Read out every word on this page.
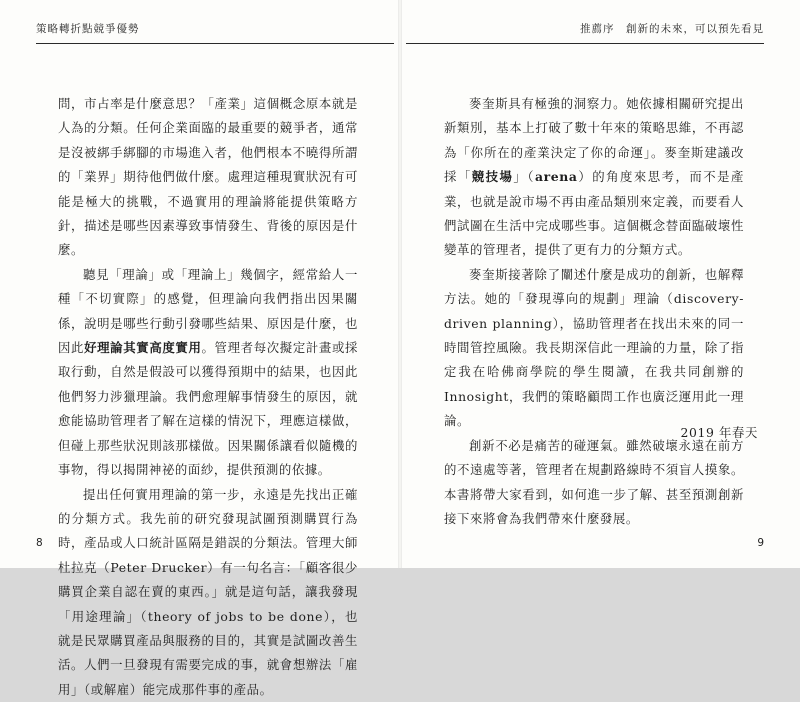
策略轉折點競爭優勢

問，市占率是什麼意思？「產業」這個概念原本就是人為的分類。任何企業面臨的最重要的競爭者，通常是沒被綁手綁腳的市場進入者，他們根本不曉得所謂的「業界」期待他們做什麼。處理這種現實狀況有可能是極大的挑戰，不過實用的理論將能提供策略方針，描述是哪些因素導致事情發生、背後的原因是什麼。

聽見「理論」或「理論上」幾個字，經常給人一種「不切實際」的感覺，但理論向我們指出因果關係，說明是哪些行動引發哪些結果、原因是什麼，也因此好理論其實高度實用。管理者每次擬定計畫或採取行動，自然是假設可以獲得預期中的結果，也因此他們努力涉獵理論。我們愈理解事情發生的原因，就愈能協助管理者了解在這樣的情況下，理應這樣做，但碰上那些狀況則該那樣做。因果關係讓看似隨機的事物，得以揭開神祕的面紗，提供預測的依據。

提出任何實用理論的第一步，永遠是先找出正確的分類方式。我先前的研究發現試圖預測購買行為時，產品或人口統計區隔是錯誤的分類法。管理大師杜拉克（Peter Drucker）有一句名言：「顧客很少購買企業自認在賣的東西。」就是這句話，讓我發現「用途理論」（theory of jobs to be done），也就是民眾購買產品與服務的目的，其實是試圖改善生活。人們一旦發現有需要完成的事，就會想辦法「雇用」（或解雇）能完成那件事的產品。

8
推薦序　創新的未來，可以預先看見

麥奎斯具有極強的洞察力。她依據相關研究提出新類別，基本上打破了數十年來的策略思維，不再認為「你所在的產業決定了你的命運」。麥奎斯建議改採「競技場」（arena）的角度來思考，而不是產業，也就是說市場不再由產品類別來定義，而要看人們試圖在生活中完成哪些事。這個概念替面臨破壞性變革的管理者，提供了更有力的分類方式。

麥奎斯接著除了闡述什麼是成功的創新，也解釋方法。她的「發現導向的規劃」理論（discovery-driven planning），協助管理者在找出未來的同一時間管控風險。我長期深信此一理論的力量，除了指定我在哈佛商學院的學生閱讀，在我共同創辦的 Innosight，我們的策略顧問工作也廣泛運用此一理論。

創新不必是痛苦的碰運氣。雖然破壞永遠在前方的不遠處等著，管理者在規劃路線時不須盲人摸象。本書將帶大家看到，如何進一步了解、甚至預測創新接下來將會為我們帶來什麼發展。

2019 年春天
9
